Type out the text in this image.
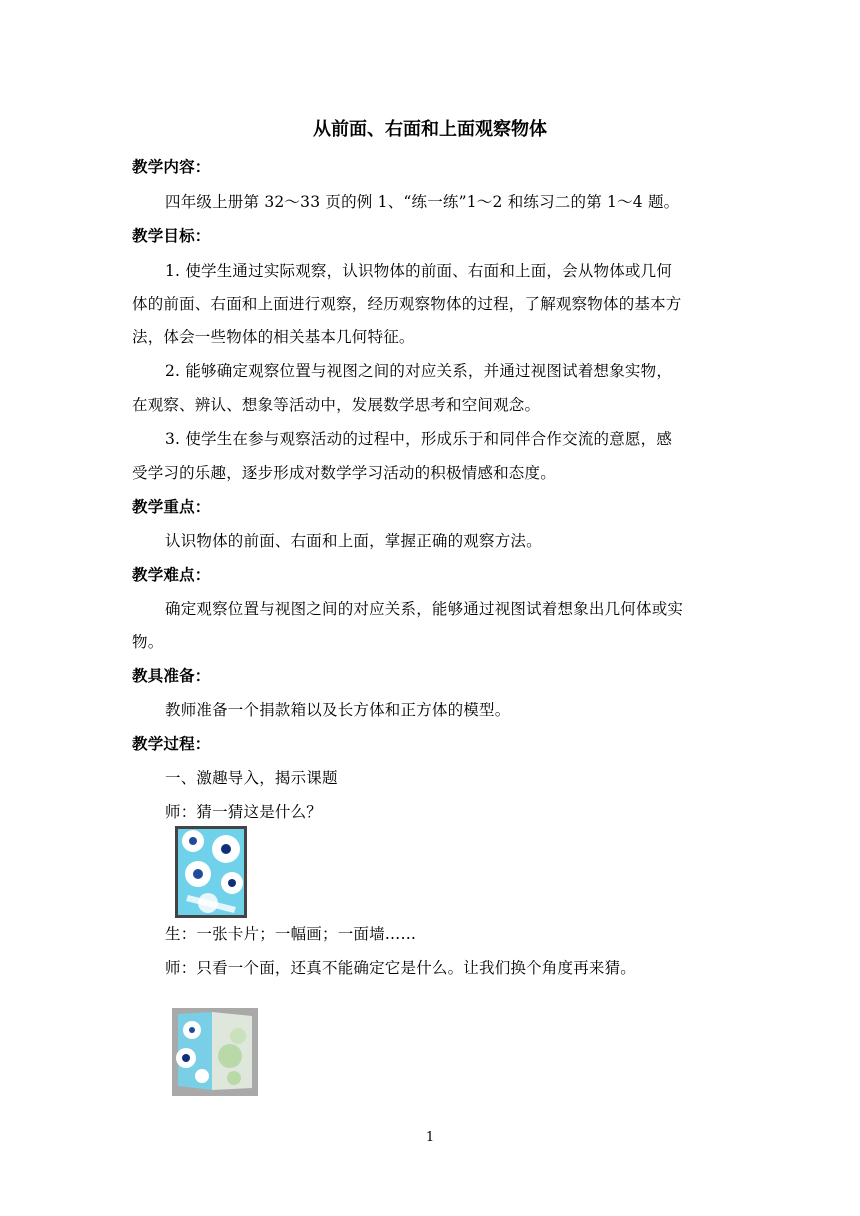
从前面、右面和上面观察物体
教学内容：
四年级上册第 32～33 页的例 1、“练一练”1～2 和练习二的第 1～4 题。
教学目标：
1. 使学生通过实际观察，认识物体的前面、右面和上面，会从物体或几何
体的前面、右面和上面进行观察，经历观察物体的过程，了解观察物体的基本方
法，体会一些物体的相关基本几何特征。
2. 能够确定观察位置与视图之间的对应关系，并通过视图试着想象实物，
在观察、辨认、想象等活动中，发展数学思考和空间观念。
3. 使学生在参与观察活动的过程中，形成乐于和同伴合作交流的意愿，感
受学习的乐趣，逐步形成对数学学习活动的积极情感和态度。
教学重点：
认识物体的前面、右面和上面，掌握正确的观察方法。
教学难点：
确定观察位置与视图之间的对应关系，能够通过视图试着想象出几何体或实
物。
教具准备：
教师准备一个捐款箱以及长方体和正方体的模型。
教学过程：
一、激趣导入，揭示课题
师：猜一猜这是什么？
生：一张卡片；一幅画；一面墙……
师：只看一个面，还真不能确定它是什么。让我们换个角度再来猜。
1
